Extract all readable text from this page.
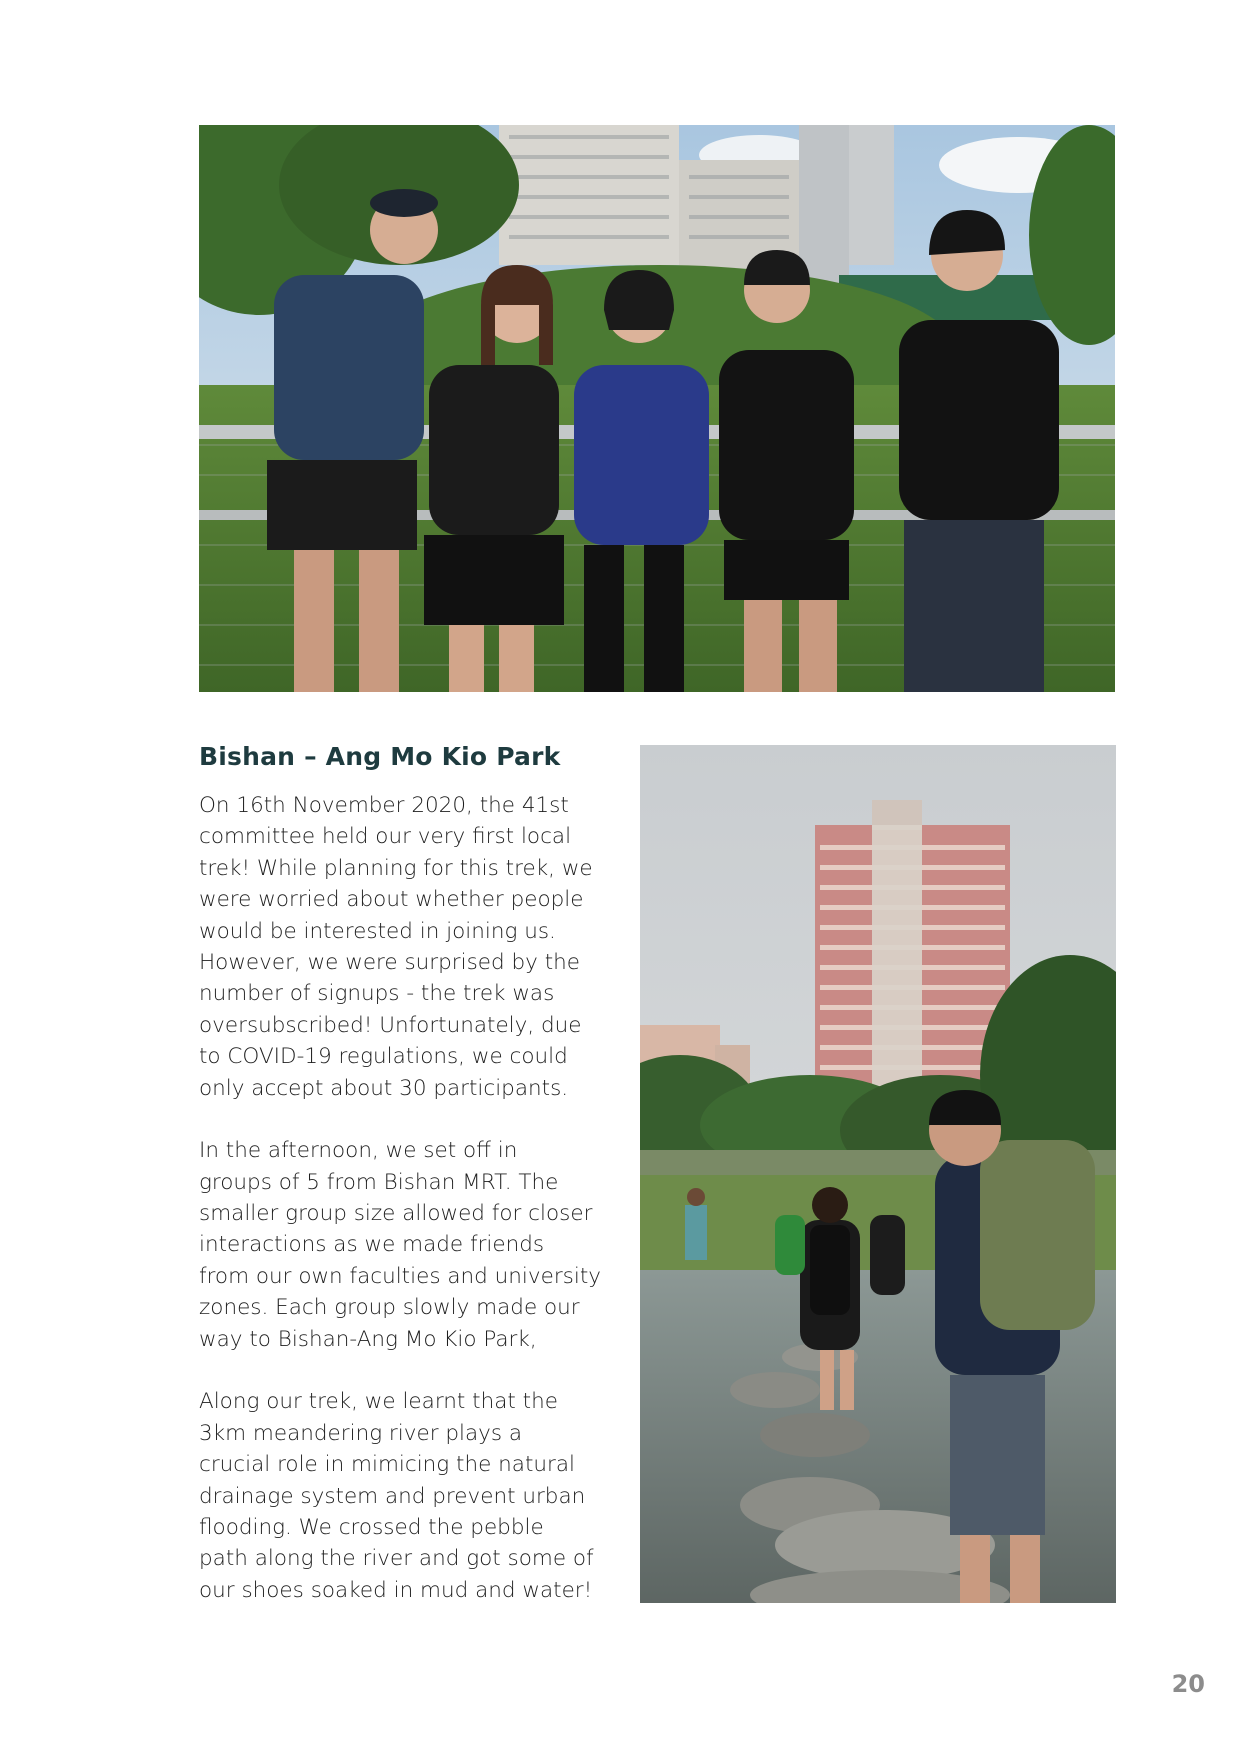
Bishan – Ang Mo Kio Park
On 16th November 2020, the 41st
committee held our very first local
trek! While planning for this trek, we
were worried about whether people
would be interested in joining us.
However, we were surprised by the
number of signups - the trek was
oversubscribed! Unfortunately, due
to COVID-19 regulations, we could
only accept about 30 participants.
In the afternoon, we set off in
groups of 5 from Bishan MRT. The
smaller group size allowed for closer
interactions as we made friends
from our own faculties and university
zones. Each group slowly made our
way to Bishan-Ang Mo Kio Park,
Along our trek, we learnt that the
3km meandering river plays a
crucial role in mimicing the natural
drainage system and prevent urban
flooding. We crossed the pebble
path along the river and got some of
our shoes soaked in mud and water!
20
